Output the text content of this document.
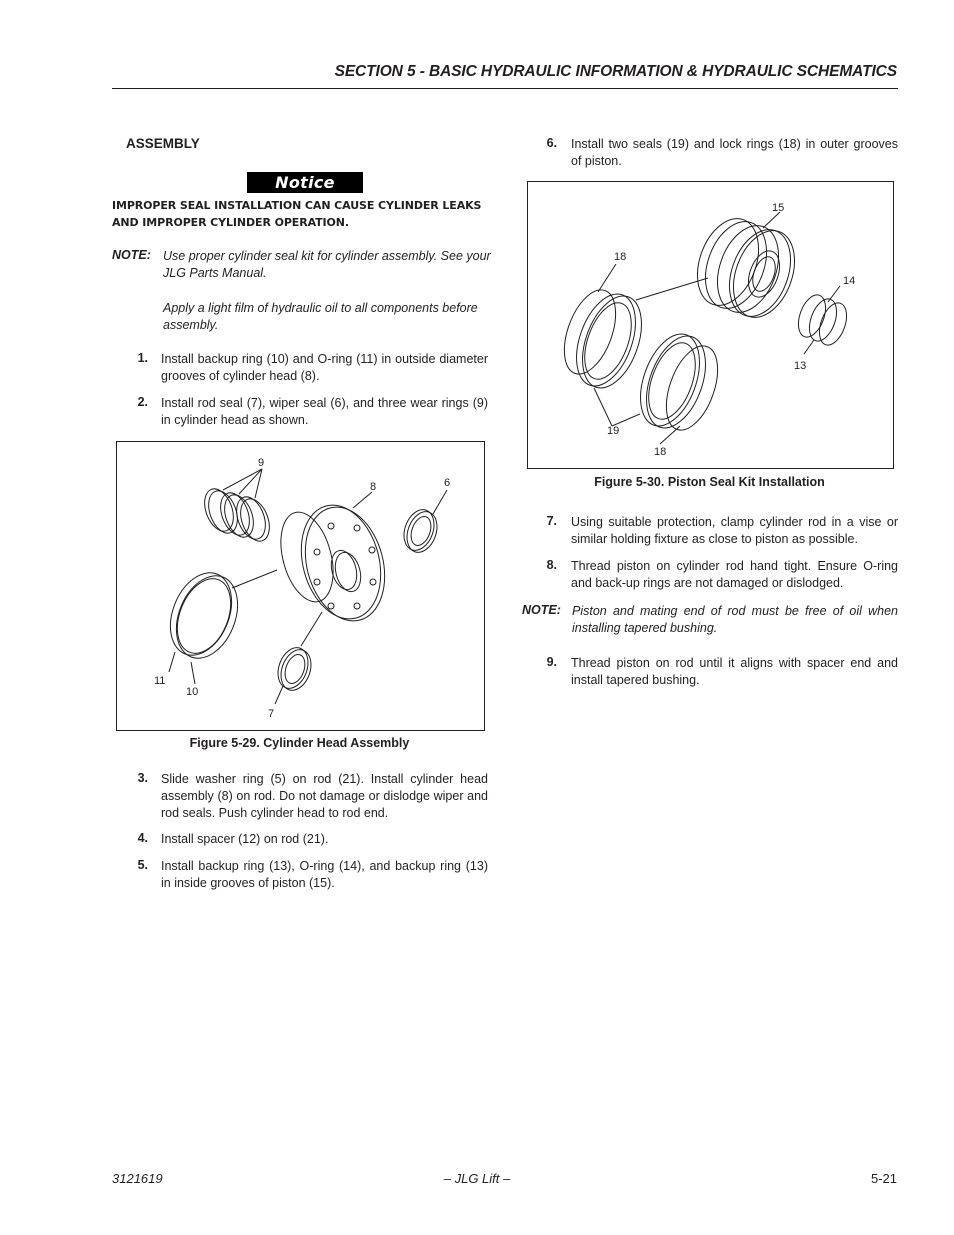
SECTION 5 - BASIC HYDRAULIC INFORMATION & HYDRAULIC SCHEMATICS
ASSEMBLY
Notice
IMPROPER SEAL INSTALLATION CAN CAUSE CYLINDER LEAKS AND IMPROPER CYLINDER OPERATION.
NOTE: Use proper cylinder seal kit for cylinder assembly. See your JLG Parts Manual.
Apply a light film of hydraulic oil to all components before assembly.
1. Install backup ring (10) and O-ring (11) in outside diameter grooves of cylinder head (8).
2. Install rod seal (7), wiper seal (6), and three wear rings (9) in cylinder head as shown.
9
8	6
11
10
7
Figure 5-29. Cylinder Head Assembly
3. Slide washer ring (5) on rod (21). Install cylinder head assembly (8) on rod. Do not damage or dislodge wiper and rod seals. Push cylinder head to rod end.
4. Install spacer (12) on rod (21).
5. Install backup ring (13), O-ring (14), and backup ring (13) in inside grooves of piston (15).
6. Install two seals (19) and lock rings (18) in outer grooves of piston.
15
18
14
13
19
18
Figure 5-30. Piston Seal Kit Installation
7. Using suitable protection, clamp cylinder rod in a vise or similar holding fixture as close to piston as possible.
8. Thread piston on cylinder rod hand tight. Ensure O-ring and back-up rings are not damaged or dislodged.
NOTE: Piston and mating end of rod must be free of oil when installing tapered bushing.
9. Thread piston on rod until it aligns with spacer end and install tapered bushing.
3121619	– JLG Lift –	5-21
